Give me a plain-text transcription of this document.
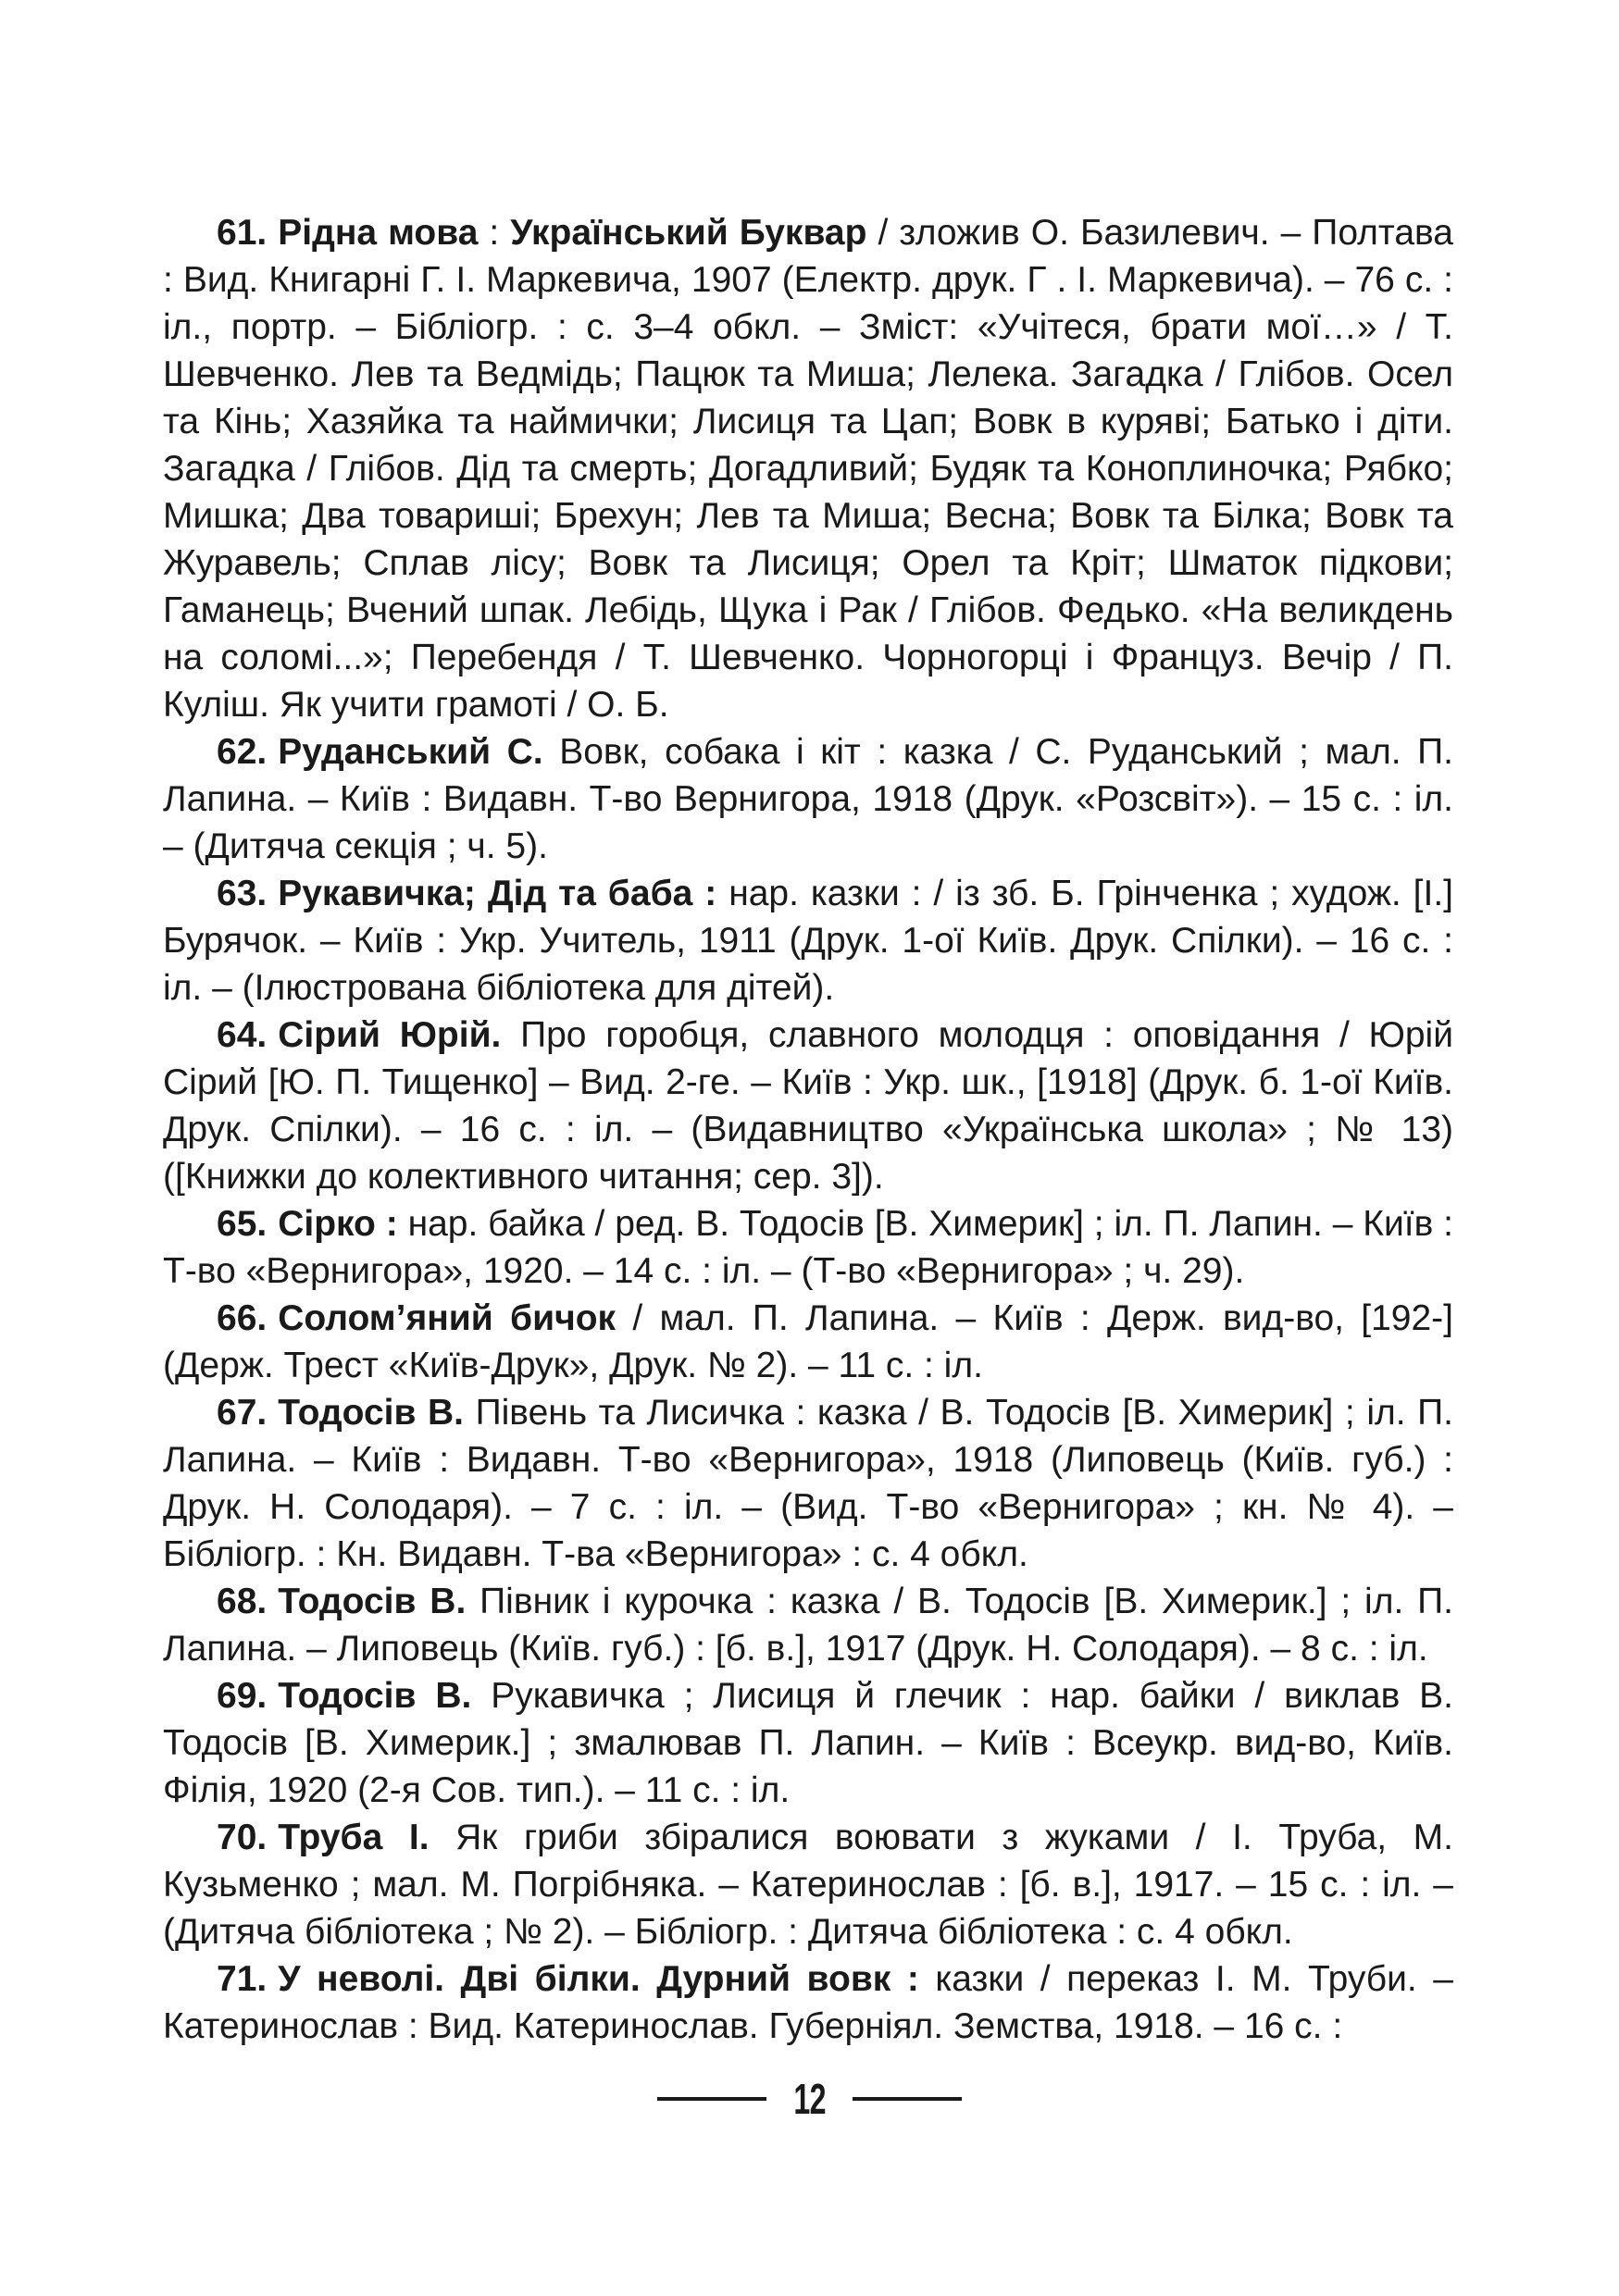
61. Рідна мова : Український Буквар / зложив О. Базилевич. – Полтава : Вид. Книгарні Г. І. Маркевича, 1907 (Електр. друк. Г . І. Маркевича). – 76 с. : іл., портр. – Бібліогр. : с. 3–4 обкл. – Зміст: «Учітеся, брати мої…» / Т. Шевченко. Лев та Ведмідь; Пацюк та Миша; Лелека. Загадка / Глібов. Осел та Кінь; Хазяйка та наймички; Лисиця та Цап; Вовк в куряві; Батько і діти. Загадка / Глібов. Дід та смерть; Догадливий; Будяк та Коноплиночка; Рябко; Мишка; Два товариші; Брехун; Лев та Миша; Весна; Вовк та Білка; Вовк та Журавель; Сплав лісу; Вовк та Лисиця; Орел та Кріт; Шматок підкови; Гаманець; Вчений шпак. Лебідь, Щука і Рак / Глібов. Федько. «На великдень на соломі...»; Перебендя / Т. Шевченко. Чорногорці і Француз. Вечір / П. Куліш. Як учити грамоті / О. Б.

62. Руданський С. Вовк, собака і кіт : казка / С. Руданський ; мал. П. Лапина. – Київ : Видавн. Т-во Вернигора, 1918 (Друк. «Розсвіт»). – 15 с. : іл. – (Дитяча секція ; ч. 5).

63. Рукавичка; Дід та баба : нар. казки : / із зб. Б. Грінченка ; худож. [І.] Бурячок. – Київ : Укр. Учитель, 1911 (Друк. 1-ої Київ. Друк. Спілки). – 16 с. : іл. – (Ілюстрована бібліотека для дітей).

64. Сірий Юрій. Про горобця, славного молодця : оповідання / Юрій Сірий [Ю. П. Тищенко] – Вид. 2-ге. – Київ : Укр. шк., [1918] (Друк. б. 1-ої Київ. Друк. Спілки). – 16 с. : іл. – (Видавництво «Українська школа» ; № 13) ([Книжки до колективного читання; сер. 3]).

65. Сірко : нар. байка / ред. В. Тодосів [В. Химерик] ; іл. П. Лапин. – Київ : Т-во «Вернигора», 1920. – 14 с. : іл. – (Т-во «Вернигора» ; ч. 29).

66. Солом’яний бичок / мал. П. Лапина. – Київ : Держ. вид-во, [192-] (Держ. Трест «Київ-Друк», Друк. № 2). – 11 с. : іл.

67. Тодосів В. Півень та Лисичка : казка / В. Тодосів [В. Химерик] ; іл. П. Лапина. – Київ : Видавн. Т-во «Вернигора», 1918 (Липовець (Київ. губ.) : Друк. Н. Солодаря). – 7 с. : іл. – (Вид. Т-во «Вернигора» ; кн. № 4). – Бібліогр. : Кн. Видавн. Т-ва «Вернигора» : с. 4 обкл.

68. Тодосів В. Півник і курочка : казка / В. Тодосів [В. Химерик.] ; іл. П. Лапина. – Липовець (Київ. губ.) : [б. в.], 1917 (Друк. Н. Солодаря). – 8 с. : іл.

69. Тодосів В. Рукавичка ; Лисиця й глечик : нар. байки / виклав В. Тодосів [В. Химерик.] ; змалював П. Лапин. – Київ : Всеукр. вид-во, Київ. Філія, 1920 (2-я Сов. тип.). – 11 с. : іл.

70. Труба І. Як гриби збіралися воювати з жуками / І. Труба, М. Кузьменко ; мал. М. Погрібняка. – Катеринослав : [б. в.], 1917. – 15 с. : іл. – (Дитяча бібліотека ; № 2). – Бібліогр. : Дитяча бібліотека : с. 4 обкл.

71. У неволі. Дві білки. Дурний вовк : казки / переказ І. М. Труби. – Катеринослав : Вид. Катеринослав. Губерніял. Земства, 1918. – 16 с. :

12
